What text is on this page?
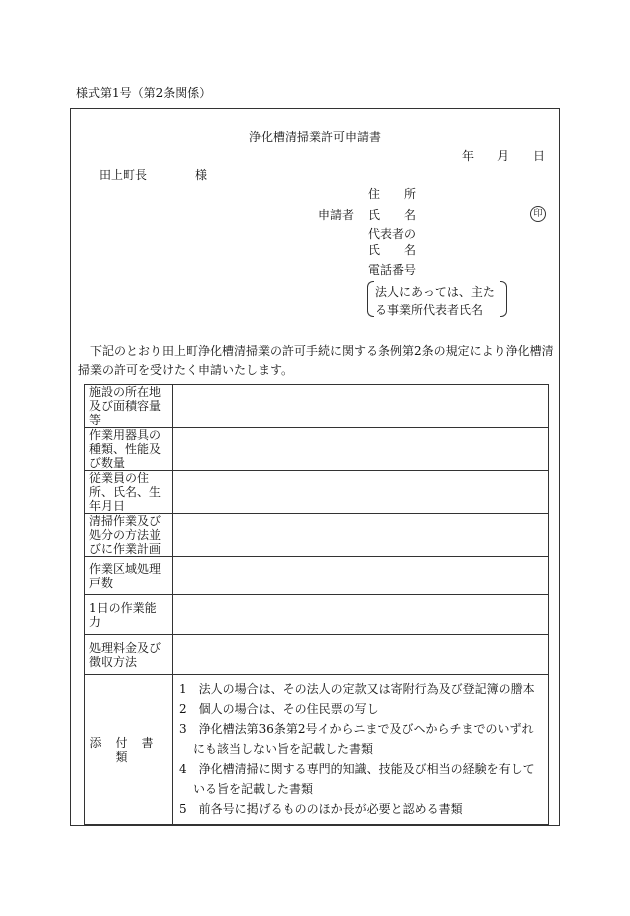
様式第1号（第2条関係）
浄化槽清掃業許可申請書
年 月 日
田上町長	様
住　　所
申請者 氏　　名	印
代表者の
氏　　名
電話番号
法人にあっては、主た
る事業所代表者氏名
下記のとおり田上町浄化槽清掃業の許可手続に関する条例第2条の規定により浄化槽清
掃業の許可を受けたく申請いたします。
施設の所在地及び面積容量等	
作業用器具の種類、性能及び数量	
従業員の住所、氏名、生年月日	
清掃作業及び処分の方法並びに作業計画	
作業区域処理戸数	
1日の作業能力	
処理料金及び徴収方法	
添付書類	1　法人の場合は、その法人の定款又は寄附行為及び登記簿の謄本
2　個人の場合は、その住民票の写し
3　浄化槽法第36条第2号イからニまで及びヘからチまでのいずれにも該当しない旨を記載した書類
4　浄化槽清掃に関する専門的知識、技能及び相当の経験を有している旨を記載した書類
5　前各号に掲げるもののほか長が必要と認める書類
